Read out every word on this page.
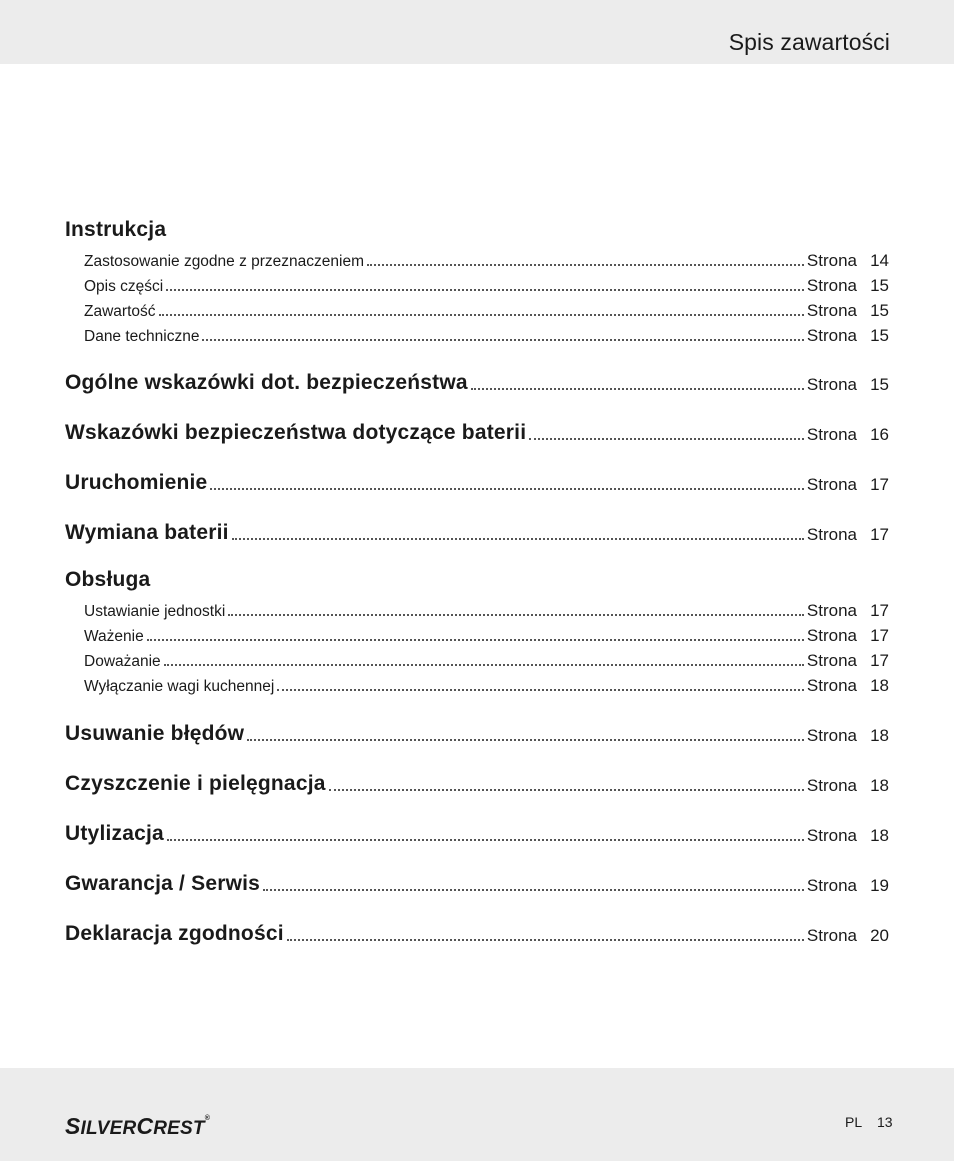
Spis zawartości
Instrukcja
Zastosowanie zgodne z przeznaczeniem	Strona 14
Opis części	Strona 15
Zawartość	Strona 15
Dane techniczne	Strona 15
Ogólne wskazówki dot. bezpieczeństwa	Strona 15
Wskazówki bezpieczeństwa dotyczące baterii	Strona 16
Uruchomienie	Strona 17
Wymiana baterii	Strona 17
Obsługa
Ustawianie jednostki	Strona 17
Ważenie	Strona 17
Doważanie	Strona 17
Wyłączanie wagi kuchennej	Strona 18
Usuwanie błędów	Strona 18
Czyszczenie i pielęgnacja	Strona 18
Utylizacja	Strona 18
Gwarancja / Serwis	Strona 19
Deklaracja zgodności	Strona 20
SILVERCREST®	PL 13
